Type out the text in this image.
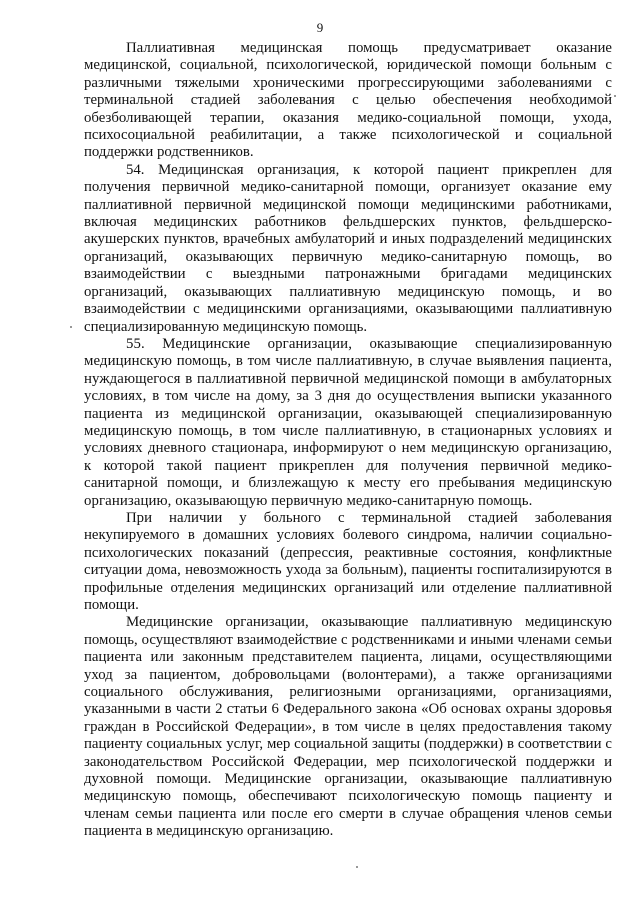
9

Паллиативная медицинская помощь предусматривает оказание медицинской, социальной, психологической, юридической помощи больным с различными тяжелыми хроническими прогрессирующими заболеваниями с терминальной стадией заболевания с целью обеспечения необходимой обезболивающей терапии, оказания медико-социальной помощи, ухода, психосоциальной реабилитации, а также психологической и социальной поддержки родственников.

54. Медицинская организация, к которой пациент прикреплен для получения первичной медико-санитарной помощи, организует оказание ему паллиативной первичной медицинской помощи медицинскими работниками, включая медицинских работников фельдшерских пунктов, фельдшерско-акушерских пунктов, врачебных амбулаторий и иных подразделений медицинских организаций, оказывающих первичную медико-санитарную помощь, во взаимодействии с выездными патронажными бригадами медицинских организаций, оказывающих паллиативную медицинскую помощь, и во взаимодействии с медицинскими организациями, оказывающими паллиативную специализированную медицинскую помощь.

55. Медицинские организации, оказывающие специализированную медицинскую помощь, в том числе паллиативную, в случае выявления пациента, нуждающегося в паллиативной первичной медицинской помощи в амбулаторных условиях, в том числе на дому, за 3 дня до осуществления выписки указанного пациента из медицинской организации, оказывающей специализированную медицинскую помощь, в том числе паллиативную, в стационарных условиях и условиях дневного стационара, информируют о нем медицинскую организацию, к которой такой пациент прикреплен для получения первичной медико-санитарной помощи, и близлежащую к месту его пребывания медицинскую организацию, оказывающую первичную медико-санитарную помощь.

При наличии у больного с терминальной стадией заболевания некупируемого в домашних условиях болевого синдрома, наличии социально-психологических показаний (депрессия, реактивные состояния, конфликтные ситуации дома, невозможность ухода за больным), пациенты госпитализируются в профильные отделения медицинских организаций или отделение паллиативной помощи.

Медицинские организации, оказывающие паллиативную медицинскую помощь, осуществляют взаимодействие с родственниками и иными членами семьи пациента или законным представителем пациента, лицами, осуществляющими уход за пациентом, добровольцами (волонтерами), а также организациями социального обслуживания, религиозными организациями, организациями, указанными в части 2 статьи 6 Федерального закона «Об основах охраны здоровья граждан в Российской Федерации», в том числе в целях предоставления такому пациенту социальных услуг, мер социальной защиты (поддержки) в соответствии с законодательством Российской Федерации, мер психологической поддержки и духовной помощи. Медицинские организации, оказывающие паллиативную медицинскую помощь, обеспечивают психологическую помощь пациенту и членам семьи пациента или после его смерти в случае обращения членов семьи пациента в медицинскую организацию.
